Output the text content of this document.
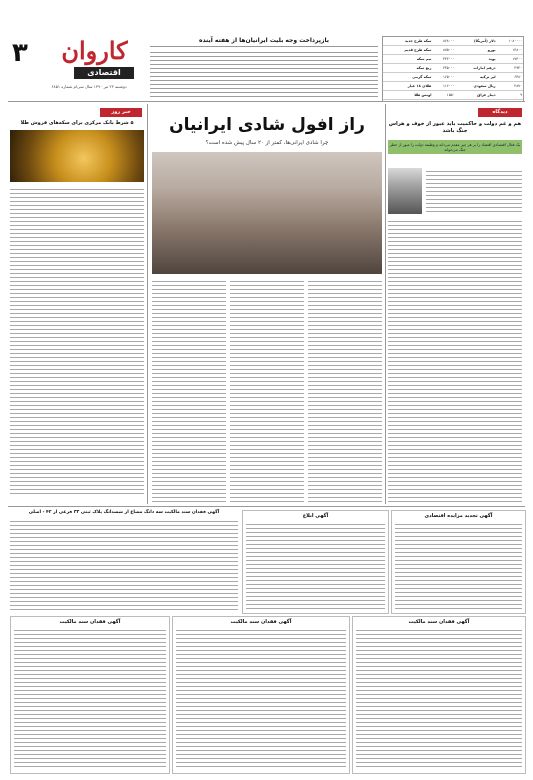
۳	کاروان
اقتصادی
دوشنبه ۲۳ تیر ۱۳۹۰ سال سی‌ام شماره ۶۸۵۱
بازپرداخت وجه بلیت ایرانیان‌ها از هفته آینده	سکه طرح جدید	۸۶۸۰۰۰	دلار (آمریکا)	۱۰۸۰۰۰۰
سکه طرح قدیم	۸۷۵۰۰۰	یورو	۱۴۸۰۰
نیم سکه	۴۴۲۰۰۰	پوند	۱۷۳۰۰
ربع سکه	۲۳۵۰۰۰	درهم امارات	۲۹۴۰
سکه گرمی	۱۶۵۰۰۰	لیر ترکیه	۶۳۸۰
طلای ۱۸ عیار	۱۱۶۰۰۰	ریال سعودی	۲۸۷۰
اونس طلا	۱۵۵۰	دینار عراق	۹
خبر روز
۵ شرط بانک مرکزی برای سکه‌های فروش طلا	راز افول شادی ایرانیان
چرا شادی ایرانی‌ها، کمتر از ۲۰ سال پیش شده است؟
دیدگاه
هم و غم دولت و حاکمیت باید عبور از خوف و هراس جنگ باشد
یک فعال اقتصادی اقتصاد را بر هر چیز مقدم می‌داند و وظیفه دولت را عبور از خطر جنگ می‌خواند
آگهی فقدان سند مالکیت سه دانگ مشاع از ششدانگ پلاک ثبتی ۳۳ فرعی از ۴۲ - اصلی
آگهی ابلاغ	آگهی تجدید مزایده اقتصادی
آگهی فقدان سند مالکیت	آگهی فقدان سند مالکیت	آگهی فقدان سند مالکیت
